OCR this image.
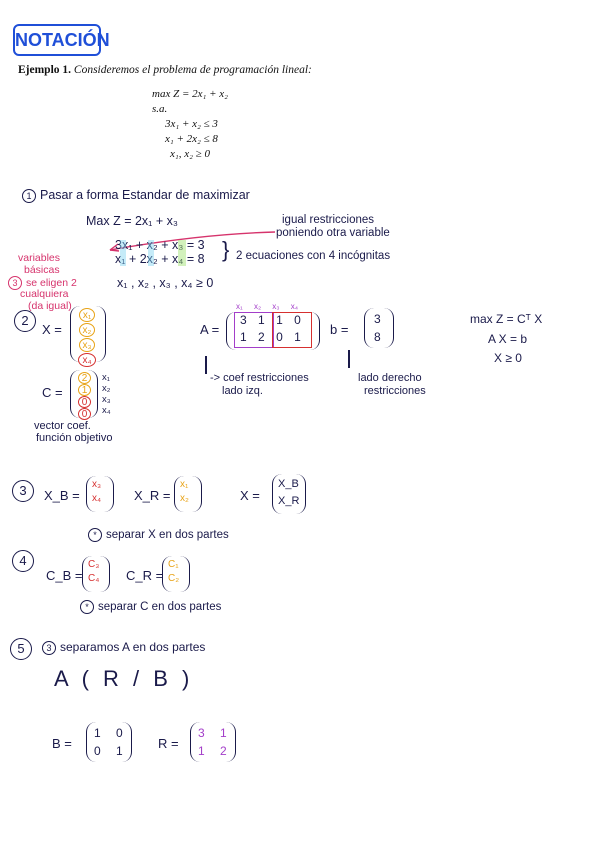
NOTACIÓN
Ejemplo 1. Consideremos el problema de programación lineal:
max Z = 2x₁ + x₂
s.a.
3x₁ + x₂ ≤ 3
x₁ + 2x₂ ≤ 8
x₁, x₂ ≥ 0
1 Pasar a forma Estandar de maximizar
Max Z = 2x₁ + x₃	igual restricciones
poniendo otra variable
3x₁ + x₂ + x₃ = 3
x₁ + 2x₂ + x₄ = 8 } 2 ecuaciones con 4 incógnitas
variables
básicas
3 se eligen 2
cualquiera
(da igual)
x₁ , x₂ , x₃ , x₄ ≥ 0
2
X =
x₁
x₂
x₃
x₄
C =
2
1
0
0
x₁
x₂
x₃
x₄
vector coef.
función objetivo
A =
x₁ x₂ x₃ x₄
3 1 1 0
1 2 0 1
-> coef restricciones
lado izq.
b =
3
8
lado derecho
restricciones
max Z = Cᵀ X
A X = b
X ≥ 0
3	X_B =
x₃
x₄	X_R =
x₁
x₂	X =
X_B
X_R
* separar X en dos partes
4
C_B =
C₃
C₄ C_R =
C₁
C₂
* separar C en dos partes
5	3 separamos A en dos partes
A ( R / B )
B =
1 0
0 1	R =
3 1
1 2
